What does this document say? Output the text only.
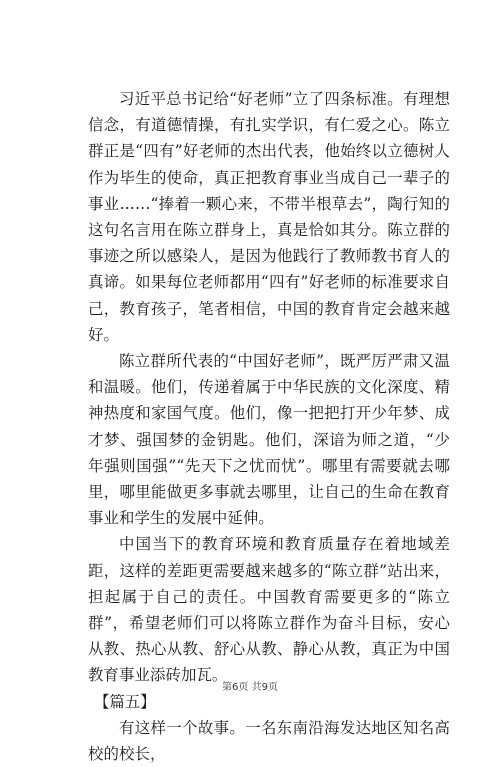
习近平总书记给“好老师”立了四条标准。有理想信念，有道德情操，有扎实学识，有仁爱之心。陈立群正是“四有”好老师的杰出代表，他始终以立德树人作为毕生的使命，真正把教育事业当成自己一辈子的事业……“捧着一颗心来，不带半根草去”，陶行知的这句名言用在陈立群身上，真是恰如其分。陈立群的事迹之所以感染人，是因为他践行了教师教书育人的真谛。如果每位老师都用“四有”好老师的标准要求自己，教育孩子，笔者相信，中国的教育肯定会越来越好。

陈立群所代表的“中国好老师”，既严厉严肃又温和温暖。他们，传递着属于中华民族的文化深度、精神热度和家国气度。他们，像一把把打开少年梦、成才梦、强国梦的金钥匙。他们，深谙为师之道，“少年强则国强”“先天下之忧而忧”。哪里有需要就去哪里，哪里能做更多事就去哪里，让自己的生命在教育事业和学生的发展中延伸。

中国当下的教育环境和教育质量存在着地域差距，这样的差距更需要越来越多的“陈立群”站出来，担起属于自己的责任。中国教育需要更多的“陈立群”，希望老师们可以将陈立群作为奋斗目标，安心从教、热心从教、舒心从教、静心从教，真正为中国教育事业添砖加瓦。

【篇五】

有这样一个故事。一名东南沿海发达地区知名高校的校长，

第6页 共9页
